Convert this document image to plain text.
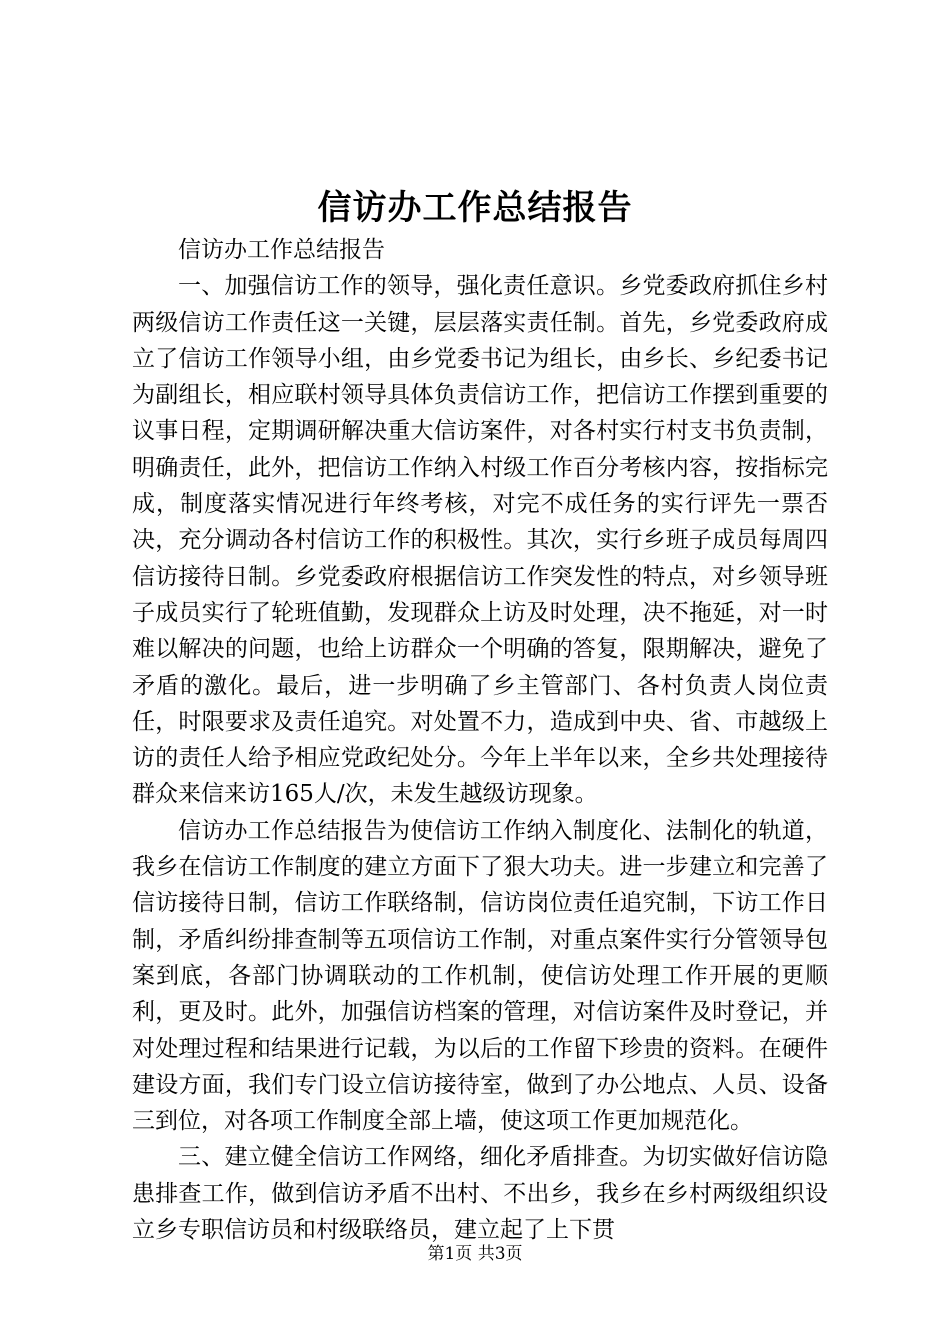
信访办工作总结报告

信访办工作总结报告

一、加强信访工作的领导，强化责任意识。乡党委政府抓住乡村两级信访工作责任这一关键，层层落实责任制。首先，乡党委政府成立了信访工作领导小组，由乡党委书记为组长，由乡长、乡纪委书记为副组长，相应联村领导具体负责信访工作，把信访工作摆到重要的议事日程，定期调研解决重大信访案件，对各村实行村支书负责制，明确责任，此外，把信访工作纳入村级工作百分考核内容，按指标完成，制度落实情况进行年终考核，对完不成任务的实行评先一票否决，充分调动各村信访工作的积极性。其次，实行乡班子成员每周四信访接待日制。乡党委政府根据信访工作突发性的特点，对乡领导班子成员实行了轮班值勤，发现群众上访及时处理，决不拖延，对一时难以解决的问题，也给上访群众一个明确的答复，限期解决，避免了矛盾的激化。最后，进一步明确了乡主管部门、各村负责人岗位责任，时限要求及责任追究。对处置不力，造成到中央、省、市越级上访的责任人给予相应党政纪处分。今年上半年以来，全乡共处理接待群众来信来访165人/次，未发生越级访现象。

信访办工作总结报告为使信访工作纳入制度化、法制化的轨道，我乡在信访工作制度的建立方面下了狠大功夫。进一步建立和完善了信访接待日制，信访工作联络制，信访岗位责任追究制，下访工作日制，矛盾纠纷排查制等五项信访工作制，对重点案件实行分管领导包案到底，各部门协调联动的工作机制，使信访处理工作开展的更顺利，更及时。此外，加强信访档案的管理，对信访案件及时登记，并对处理过程和结果进行记载，为以后的工作留下珍贵的资料。在硬件建设方面，我们专门设立信访接待室，做到了办公地点、人员、设备三到位，对各项工作制度全部上墙，使这项工作更加规范化。

三、建立健全信访工作网络，细化矛盾排查。为切实做好信访隐患排查工作，做到信访矛盾不出村、不出乡，我乡在乡村两级组织设立乡专职信访员和村级联络员，建立起了上下贯

第1页 共3页
